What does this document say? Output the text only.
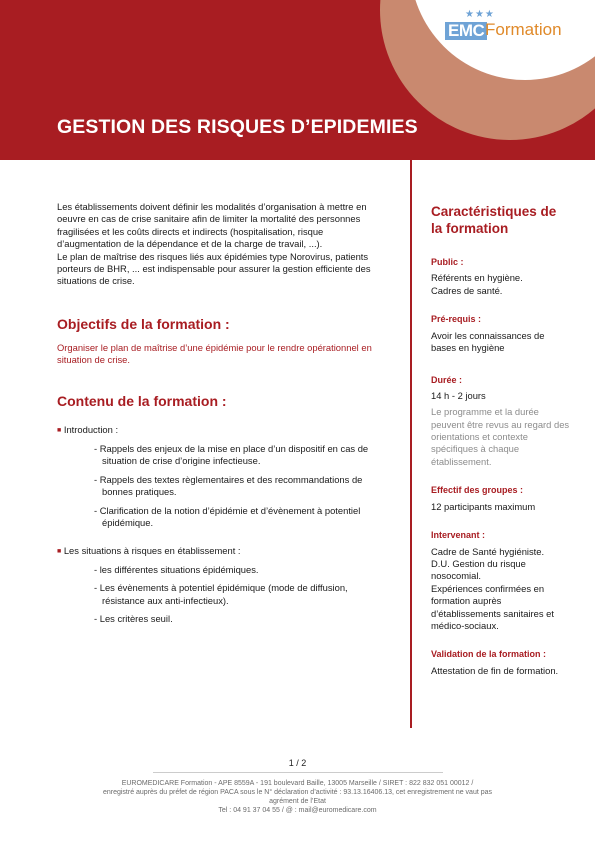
★★★
EMC Formation
GESTION DES RISQUES D’EPIDEMIES

Les établissements doivent définir les modalités d’organisation à mettre en oeuvre en cas de crise sanitaire afin de limiter la mortalité des personnes fragilisées et les coûts directs et indirects (hospitalisation, risque d’augmentation de la dépendance et de la charge de travail, ...).

Le plan de maîtrise des risques liés aux épidémies type Norovirus, patients porteurs de BHR, ... est indispensable pour assurer la gestion efficiente des situations de crise.

Objectifs de la formation :

Organiser le plan de maîtrise d’une épidémie pour le rendre opérationnel en situation de crise.

Contenu de la formation :
■ Introduction :
- Rappels des enjeux de la mise en place d’un dispositif en cas de situation de crise d’origine infectieuse.
- Rappels des textes règlementaires et des recommandations de bonnes pratiques.
- Clarification de la notion d’épidémie et d’évènement à potentiel épidémique.
■ Les situations à risques en établissement :
- les différentes situations épidémiques.
- Les évènements à potentiel épidémique (mode de diffusion, résistance aux anti-infectieux).
- Les critères seuil.
Caractéristiques de la formation

Public :

Référents en hygiène.

Cadres de santé.

Pré-requis :

Avoir les connaissances de bases en hygiène

Durée :

14 h - 2 jours

Le programme et la durée peuvent être revus au regard des orientations et contexte spécifiques à chaque établissement.

Effectif des groupes :

12 participants maximum

Intervenant :

Cadre de Santé hygiéniste.

D.U. Gestion du risque nosocomial.

Expériences confirmées en formation auprès d’établissements sanitaires et médico-sociaux.

Validation de la formation :

Attestation de fin de formation.

1 / 2
EUROMEDICARE Formation - APE 8559A - 191 boulevard Baille, 13005 Marseille / SIRET : 822 832 051 00012 /
enregistré auprès du préfet de région PACA sous le N° déclaration d’activité : 93.13.16406.13, cet enregistrement ne vaut pas
agrément de l’Etat
Tel : 04 91 37 04 55 / @ : mail@euromedicare.com
